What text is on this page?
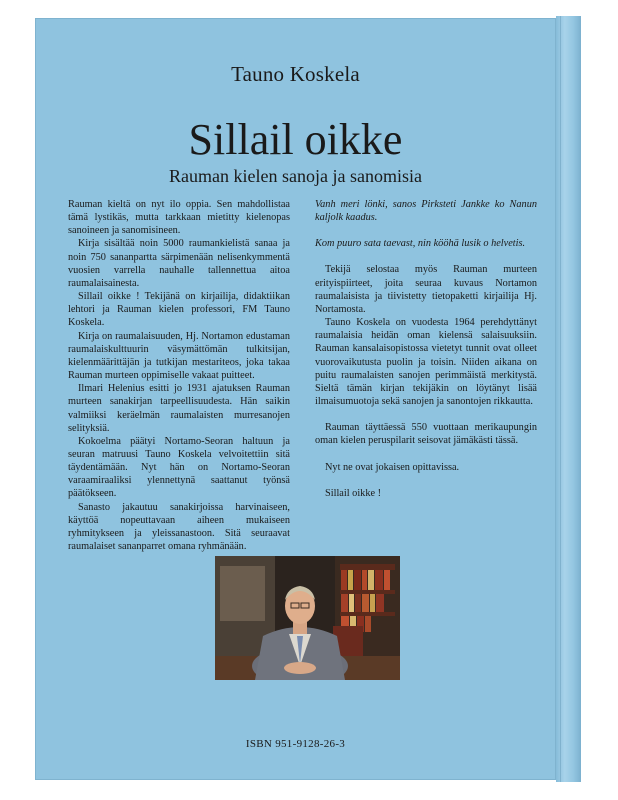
Tauno Koskela
Sillail oikke
Rauman kielen sanoja ja sanomisia

Rauman kieltä on nyt ilo oppia. Sen mahdollistaa tämä lystikäs, mutta tarkkaan mietitty kielenopas sanoineen ja sanomisineen.

Kirja sisältää noin 5000 raumankielistä sanaa ja noin 750 sananpartta särpimenään nelisenkymmentä vuosien varrella nauhalle tallennettua aitoa raumalaisainesta.

Sillail oikke ! Tekijänä on kirjailija, didaktiikan lehtori ja Rauman kielen professori, FM Tauno Koskela.

Kirja on raumalaisuuden, Hj. Nortamon edustaman raumalaiskulttuurin väsymättömän tulkitsijan, kielenmäärittäjän ja tutkijan mestariteos, joka takaa Rauman murteen oppimiselle vakaat puitteet.

Ilmari Helenius esitti jo 1931 ajatuksen Rauman murteen sanakirjan tarpeellisuudesta. Hän saikin valmiiksi keräelmän raumalaisten murresanojen selityksiä.

Kokoelma päätyi Nortamo-Seoran haltuun ja seuran matruusi Tauno Koskela velvoitettiin sitä täydentämään. Nyt hän on Nortamo-Seoran varaamiraaliksi ylennettynä saattanut työnsä päätökseen.

Sanasto jakautuu sanakirjoissa harvinaiseen, käyttöä nopeuttavaan aiheen mukaiseen ryhmitykseen ja yleissanastoon. Sitä seuraavat raumalaiset sananparret omana ryhmänään.

Vanh meri lönki, sanos Pirksteti Jankke ko Nanun kaljolk kaadus.

Kom puuro sata taevast, nin kööhä lusik o helvetis.

Tekijä selostaa myös Rauman murteen erityispiirteet, joita seuraa kuvaus Nortamon raumalaisista ja tiivistetty tietopaketti kirjailija Hj. Nortamosta.

Tauno Koskela on vuodesta 1964 perehdyttänyt raumalaisia heidän oman kielensä salaisuuksiin. Rauman kansalaisopistossa vietetyt tunnit ovat olleet vuorovaikutusta puolin ja toisin. Niiden aikana on puitu raumalaisten sanojen perimmäistä merkitystä. Sieltä tämän kirjan tekijäkin on löytänyt lisää ilmaisumuotoja sekä sanojen ja sanontojen rikkautta.

Rauman täyttäessä 550 vuottaan merikaupungin oman kielen peruspilarit seisovat jämäkästi tässä.

Nyt ne ovat jokaisen opittavissa.

Sillail oikke !

ISBN 951-9128-26-3
